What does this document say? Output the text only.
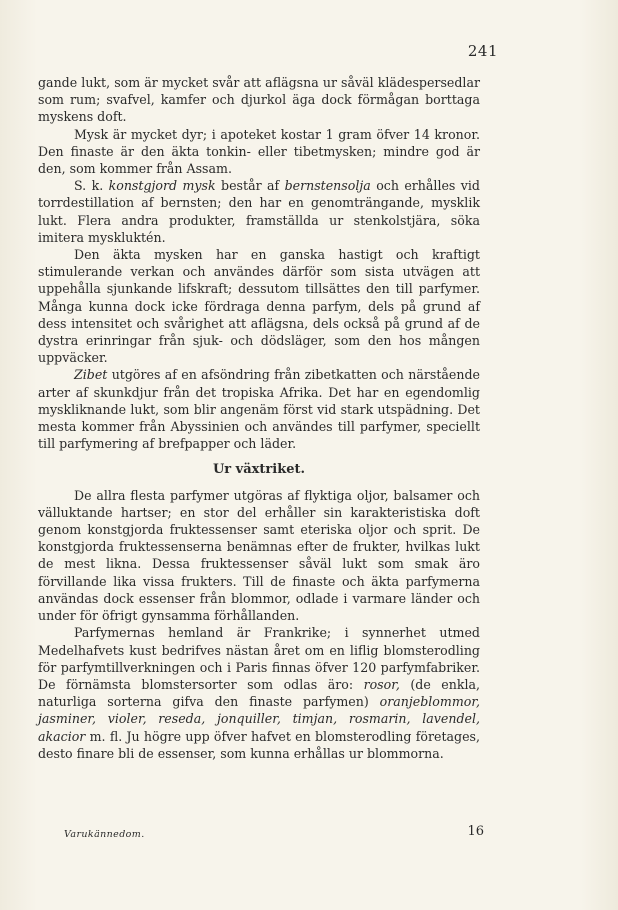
241

gande lukt, som är mycket svår att aflägsna ur såväl klädespersedlar som rum; svafvel, kamfer och djurkol äga dock förmågan borttaga myskens doft.

Mysk är mycket dyr; i apoteket kostar 1 gram öfver 14 kronor. Den finaste är den äkta tonkin- eller tibetmysken; mindre god är den, som kommer från Assam.

S. k. konstgjord mysk består af bernstensolja och erhålles vid torrdestillation af bernsten; den har en genomträngande, mysklik lukt. Flera andra produkter, framställda ur stenkolstjära, söka imitera myskluktén.

Den äkta mysken har en ganska hastigt och kraftigt stimulerande verkan och användes därför som sista utvägen att uppehålla sjunkande lifskraft; dessutom tillsättes den till parfymer. Många kunna dock icke fördraga denna parfym, dels på grund af dess intensitet och svårighet att aflägsna, dels också på grund af de dystra erinringar från sjuk- och dödsläger, som den hos mången uppväcker.

Zibet utgöres af en afsöndring från zibetkatten och närstående arter af skunkdjur från det tropiska Afrika. Det har en egendomlig myskliknande lukt, som blir angenäm först vid stark utspädning. Det mesta kommer från Abyssinien och användes till parfymer, speciellt till parfymering af brefpapper och läder.

Ur växtriket.

De allra flesta parfymer utgöras af flyktiga oljor, balsamer och välluktande hartser; en stor del erhåller sin karakteristiska doft genom konstgjorda fruktessenser samt eteriska oljor och sprit. De konstgjorda fruktessenserna benämnas efter de frukter, hvilkas lukt de mest likna. Dessa fruktessenser såväl lukt som smak äro förvillande lika vissa frukters. Till de finaste och äkta parfymerna användas dock essenser från blommor, odlade i varmare länder och under för öfrigt gynsamma förhållanden.

Parfymernas hemland är Frankrike; i synnerhet utmed Medelhafvets kust bedrifves nästan året om en liflig blomsterodling för parfymtillverkningen och i Paris finnas öfver 120 parfymfabriker. De förnämsta blomstersorter som odlas äro: rosor, (de enkla, naturliga sorterna gifva den finaste parfymen) oranjeblommor, jasminer, violer, reseda, jonquiller, timjan, rosmarin, lavendel, akacior m. fl. Ju högre upp öfver hafvet en blomsterodling företages, desto finare bli de essenser, som kunna erhållas ur blommorna.

Varukännedom.	16
